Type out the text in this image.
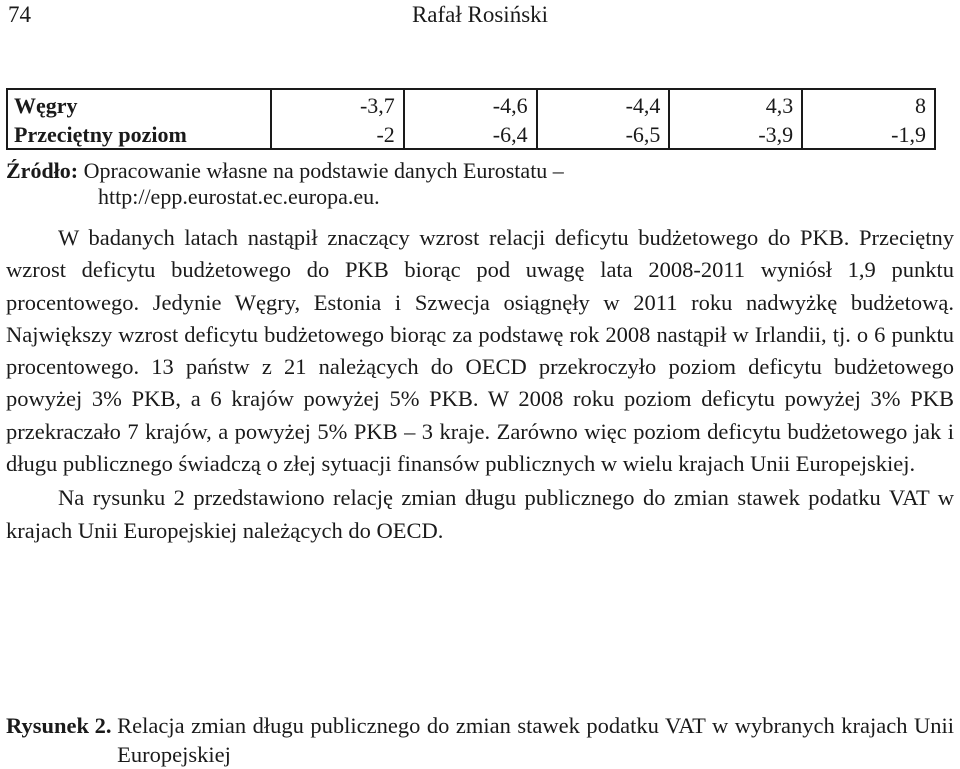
74	Rafał Rosiński
Węgry	-3,7	-4,6	-4,4	4,3	8
Przeciętny poziom	-2	-6,4	-6,5	-3,9	-1,9
Źródło: Opracowanie własne na podstawie danych Eurostatu –
http://epp.eurostat.ec.europa.eu.

W badanych latach nastąpił znaczący wzrost relacji deficytu budżetowego do PKB. Przeciętny wzrost deficytu budżetowego do PKB biorąc pod uwagę lata 2008-2011 wyniósł 1,9 punktu procentowego. Jedynie Węgry, Estonia i Szwecja osiągnęły w 2011 roku nadwyżkę budżetową. Największy wzrost deficytu budżetowego biorąc za podstawę rok 2008 nastąpił w Irlandii, tj. o 6 punktu procentowego. 13 państw z 21 należących do OECD przekroczyło poziom deficytu budżetowego powyżej 3% PKB, a 6 krajów powyżej 5% PKB. W 2008 roku poziom deficytu powyżej 3% PKB przekraczało 7 krajów, a powyżej 5% PKB – 3 kraje. Zarówno więc poziom deficytu budżetowego jak i długu publicznego świadczą o złej sytuacji finansów publicznych w wielu krajach Unii Europejskiej.

Na rysunku 2 przedstawiono relację zmian długu publicznego do zmian stawek podatku VAT w krajach Unii Europejskiej należących do OECD.

Rysunek 2.
Relacja zmian długu publicznego do zmian stawek podatku VAT w wybranych krajach Unii Europejskiej
